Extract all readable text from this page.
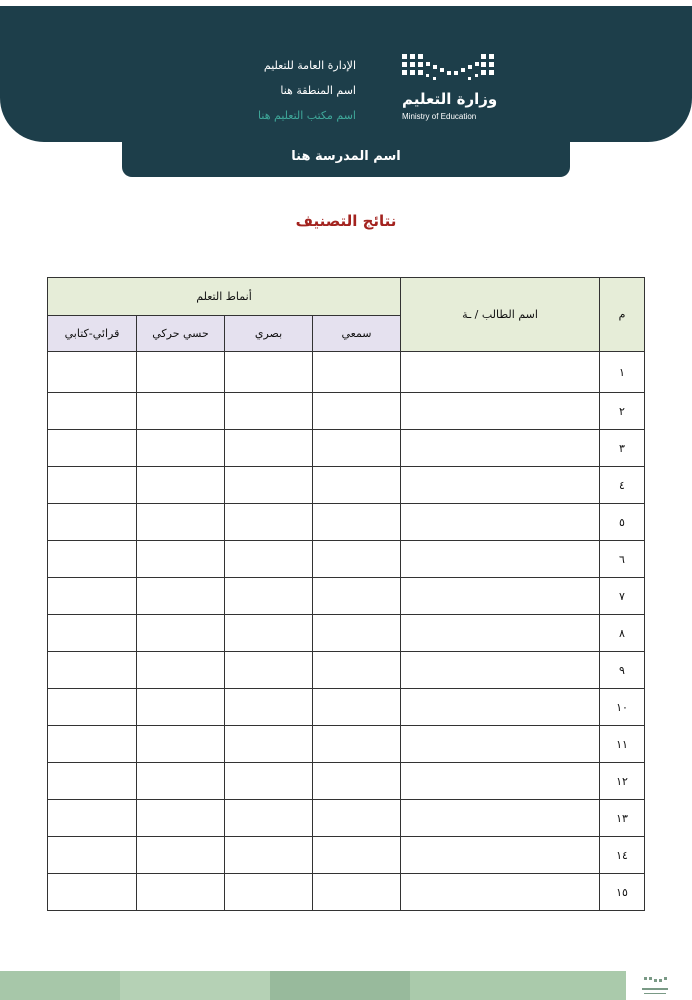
وزارة التعليم
Ministry of Education
الإدارة العامة للتعليم
اسم المنطقة هنا
اسم مكتب التعليم هنا
اسم المدرسة هنا
نتائج التصنيف
أنماط التعلم				اسم الطالب / ـة	م
قرائي-كتابي	حسي حركي	بصري	سمعي		
					١
					٢
					٣
					٤
					٥
					٦
					٧
					٨
					٩
					١٠
					١١
					١٢
					١٣
					١٤
					١٥
